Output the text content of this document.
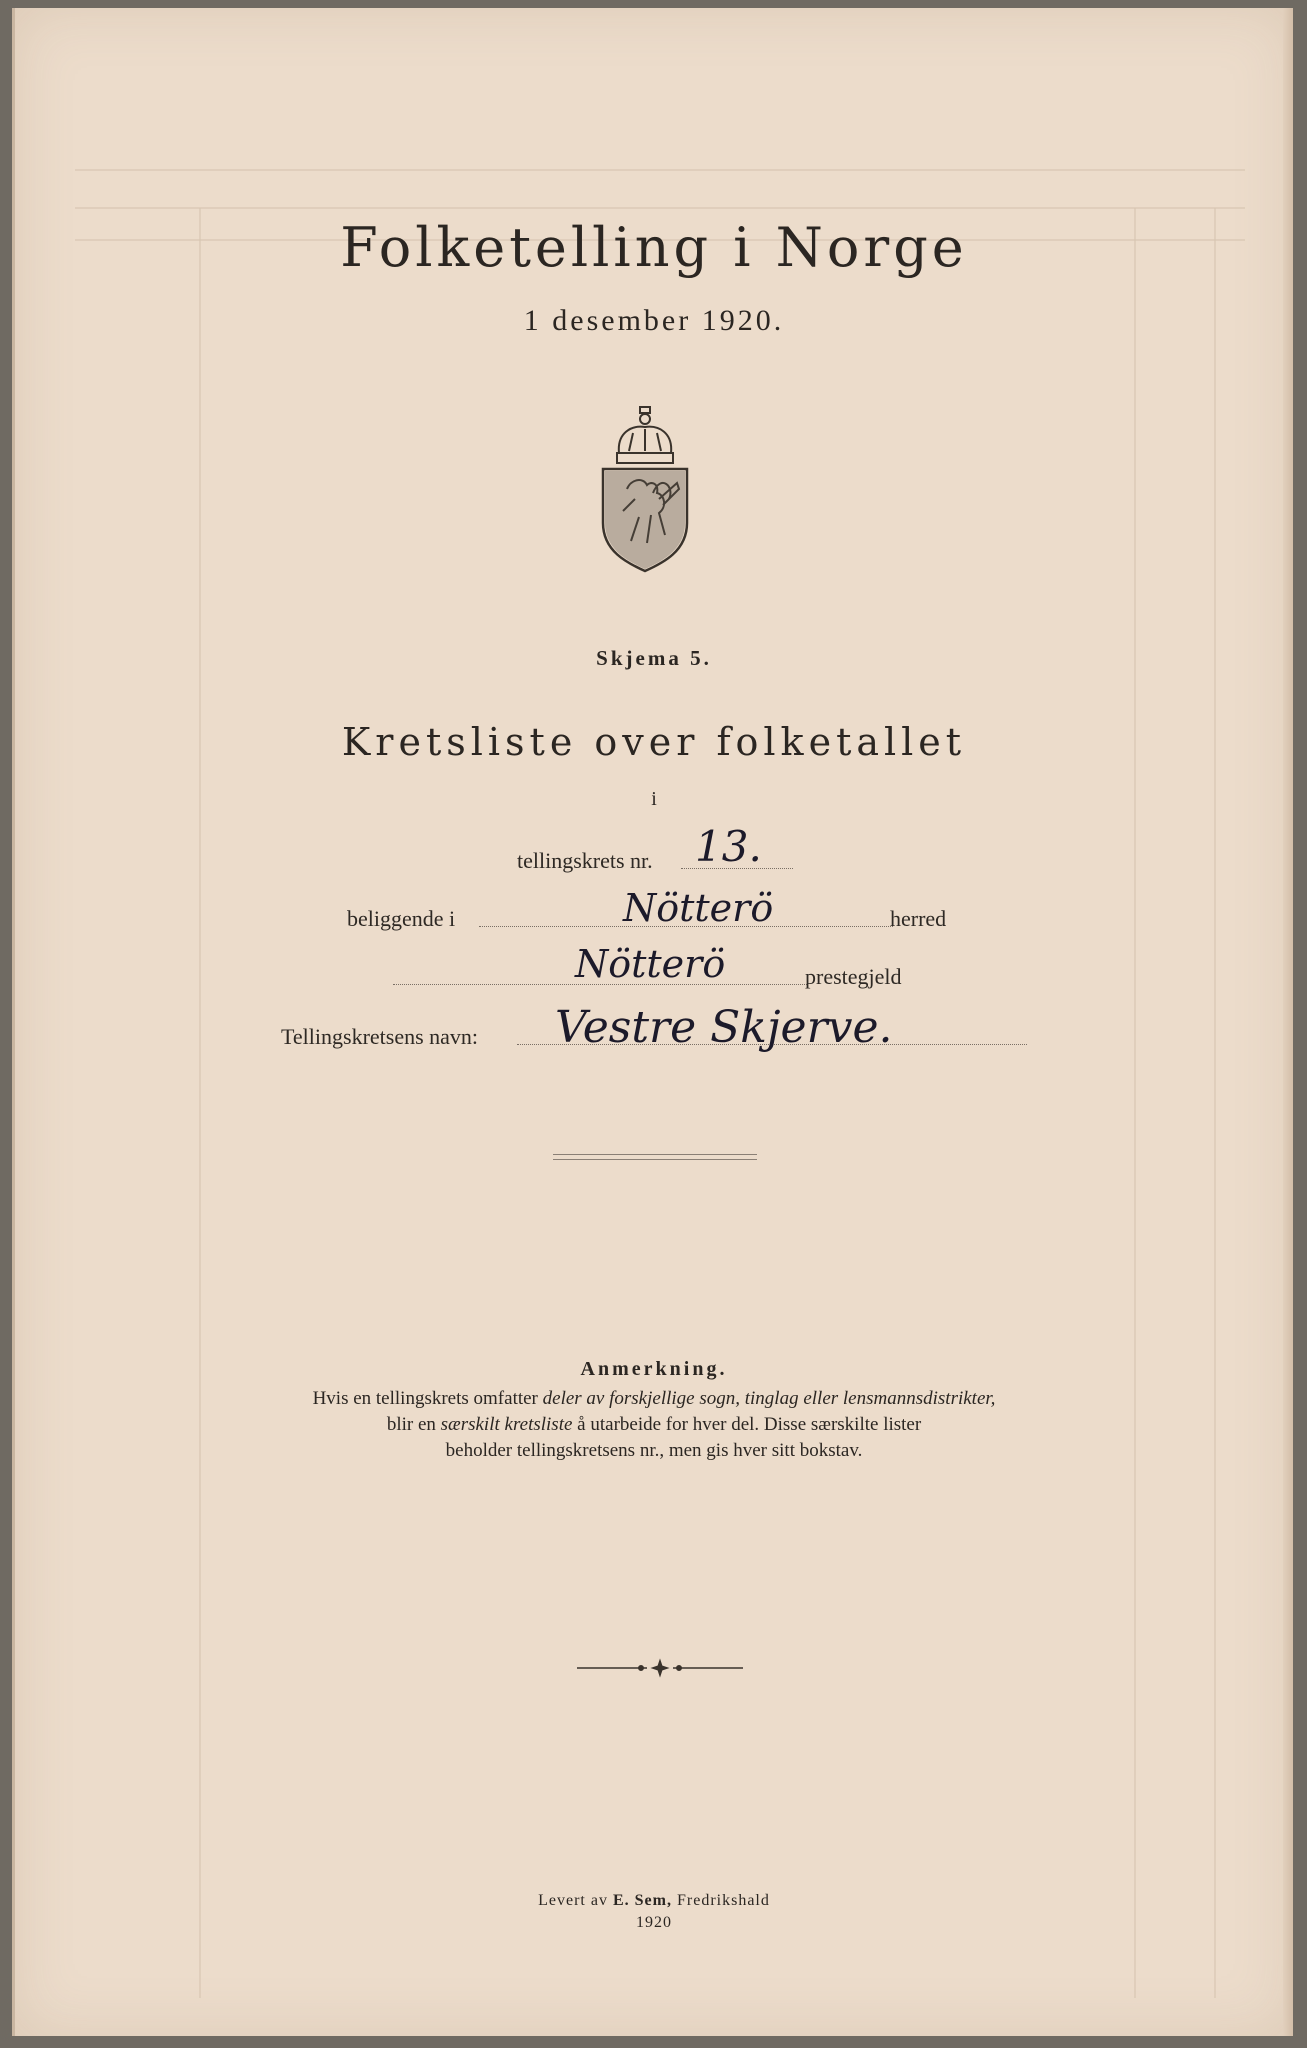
Folketelling i Norge
1 desember 1920.
Skjema 5.
Kretsliste over folketallet
i
tellingskrets nr. 13.
beliggende i	Nötterö	herred
Nötterö	prestegjeld
Tellingskretsens navn: Vestre Skjerve.
Anmerkning.
Hvis en tellingskrets omfatter deler av forskjellige sogn, tinglag eller lensmannsdistrikter,
blir en særskilt kretsliste å utarbeide for hver del. Disse særskilte lister
beholder tellingskretsens nr., men gis hver sitt bokstav.
Levert av E. Sem, Fredrikshald
1920
